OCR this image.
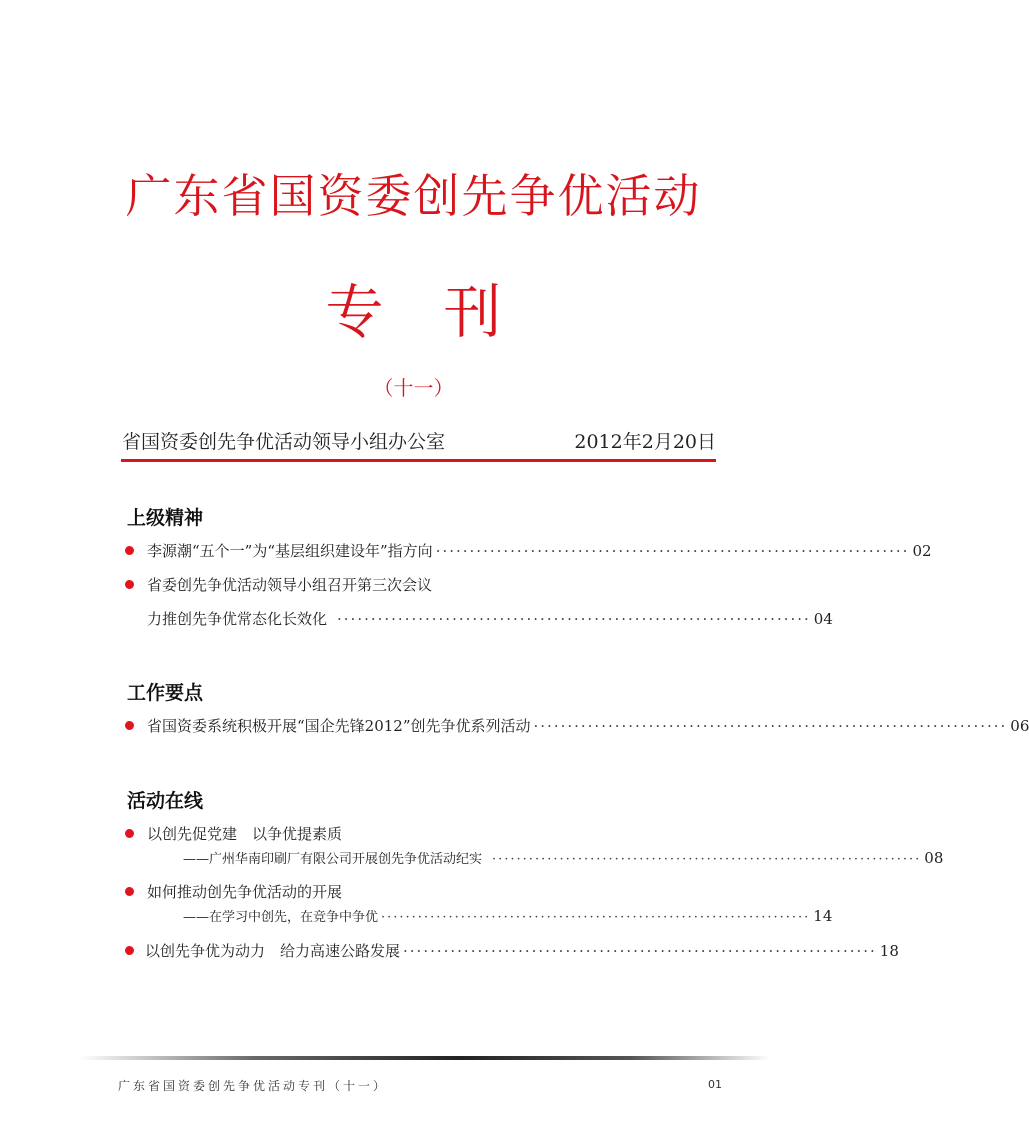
广东省国资委创先争优活动
专刊
（十一）
省国资委创先争优活动领导小组办公室	2012年2月20日
上级精神
李源潮“五个一”为“基层组织建设年”指方向 ······································································ 02
省委创先争优活动领导小组召开第三次会议
力推创先争优常态化长效化 ······································································ 04
工作要点
省国资委系统积极开展“国企先锋2012”创先争优系列活动 ······································································ 06
活动在线
以创先促党建　以争优提素质
——广州华南印刷厂有限公司开展创先争优活动纪实 ······································································ 08
如何推动创先争优活动的开展
——在学习中创先，在竞争中争优 ······································································ 14
以创先争优为动力　给力高速公路发展 ······································································ 18
广东省国资委创先争优活动专刊（十一）	01
